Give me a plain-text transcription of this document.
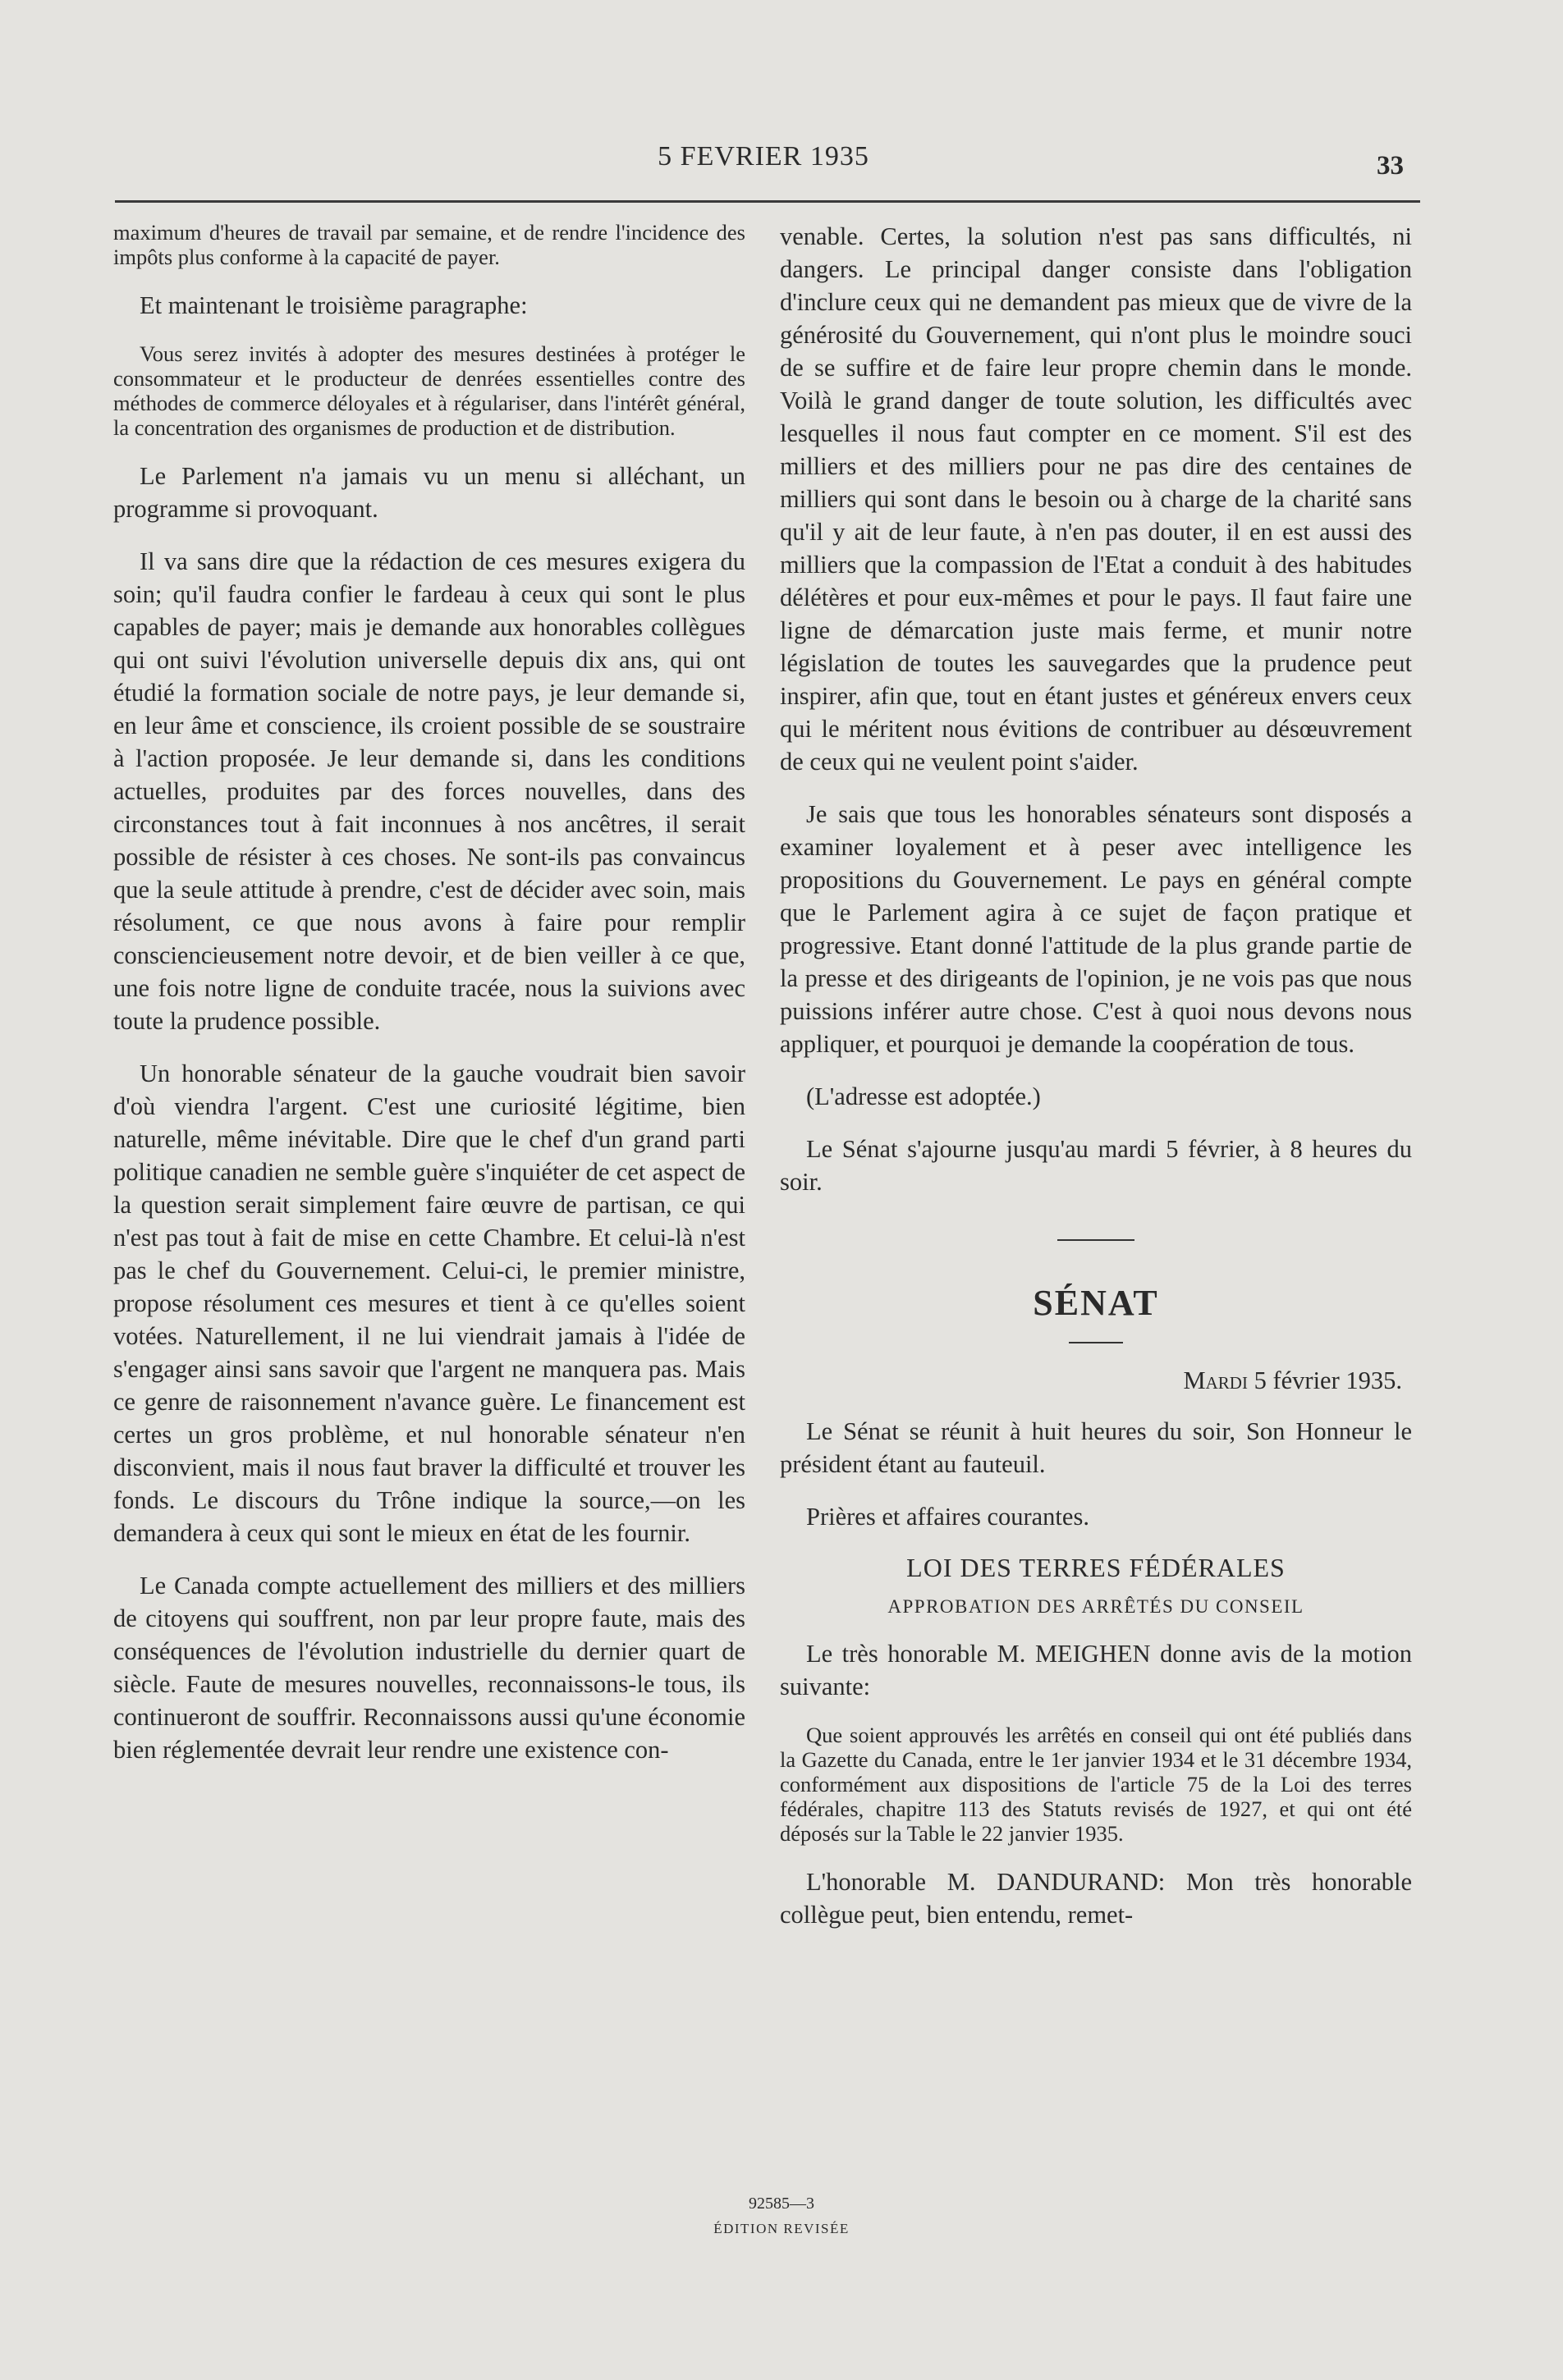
5 FEVRIER 1935	33

maximum d'heures de travail par semaine, et de rendre l'incidence des impôts plus conforme à la capacité de payer.

Et maintenant le troisième paragraphe:

Vous serez invités à adopter des mesures destinées à protéger le consommateur et le producteur de denrées essentielles contre des méthodes de commerce déloyales et à régulariser, dans l'intérêt général, la concentration des organismes de production et de distribution.

Le Parlement n'a jamais vu un menu si alléchant, un programme si provoquant.

Il va sans dire que la rédaction de ces mesures exigera du soin; qu'il faudra confier le fardeau à ceux qui sont le plus capables de payer; mais je demande aux honorables collègues qui ont suivi l'évolution universelle depuis dix ans, qui ont étudié la formation sociale de notre pays, je leur demande si, en leur âme et conscience, ils croient possible de se soustraire à l'action proposée. Je leur demande si, dans les conditions actuelles, produites par des forces nouvelles, dans des circonstances tout à fait inconnues à nos ancêtres, il serait possible de résister à ces choses. Ne sont-ils pas convaincus que la seule attitude à prendre, c'est de décider avec soin, mais résolument, ce que nous avons à faire pour remplir consciencieusement notre devoir, et de bien veiller à ce que, une fois notre ligne de conduite tracée, nous la suivions avec toute la prudence possible.

Un honorable sénateur de la gauche voudrait bien savoir d'où viendra l'argent. C'est une curiosité légitime, bien naturelle, même inévitable. Dire que le chef d'un grand parti politique canadien ne semble guère s'inquiéter de cet aspect de la question serait simplement faire œuvre de partisan, ce qui n'est pas tout à fait de mise en cette Chambre. Et celui-là n'est pas le chef du Gouvernement. Celui-ci, le premier ministre, propose résolument ces mesures et tient à ce qu'elles soient votées. Naturellement, il ne lui viendrait jamais à l'idée de s'engager ainsi sans savoir que l'argent ne manquera pas. Mais ce genre de raisonnement n'avance guère. Le financement est certes un gros problème, et nul honorable sénateur n'en disconvient, mais il nous faut braver la difficulté et trouver les fonds. Le discours du Trône indique la source,—on les demandera à ceux qui sont le mieux en état de les fournir.

Le Canada compte actuellement des milliers et des milliers de citoyens qui souffrent, non par leur propre faute, mais des conséquences de l'évolution industrielle du dernier quart de siècle. Faute de mesures nouvelles, reconnaissons-le tous, ils continueront de souffrir. Reconnaissons aussi qu'une économie bien réglementée devrait leur rendre une existence con-

venable. Certes, la solution n'est pas sans difficultés, ni dangers. Le principal danger consiste dans l'obligation d'inclure ceux qui ne demandent pas mieux que de vivre de la générosité du Gouvernement, qui n'ont plus le moindre souci de se suffire et de faire leur propre chemin dans le monde. Voilà le grand danger de toute solution, les difficultés avec lesquelles il nous faut compter en ce moment. S'il est des milliers et des milliers pour ne pas dire des centaines de milliers qui sont dans le besoin ou à charge de la charité sans qu'il y ait de leur faute, à n'en pas douter, il en est aussi des milliers que la compassion de l'Etat a conduit à des habitudes délétères et pour eux-mêmes et pour le pays. Il faut faire une ligne de démarcation juste mais ferme, et munir notre législation de toutes les sauvegardes que la prudence peut inspirer, afin que, tout en étant justes et généreux envers ceux qui le méritent nous évitions de contribuer au désœuvrement de ceux qui ne veulent point s'aider.

Je sais que tous les honorables sénateurs sont disposés a examiner loyalement et à peser avec intelligence les propositions du Gouvernement. Le pays en général compte que le Parlement agira à ce sujet de façon pratique et progressive. Etant donné l'attitude de la plus grande partie de la presse et des dirigeants de l'opinion, je ne vois pas que nous puissions inférer autre chose. C'est à quoi nous devons nous appliquer, et pourquoi je demande la coopération de tous.

(L'adresse est adoptée.)

Le Sénat s'ajourne jusqu'au mardi 5 février, à 8 heures du soir.

SÉNAT
Mardi 5 février 1935.

Le Sénat se réunit à huit heures du soir, Son Honneur le président étant au fauteuil.

Prières et affaires courantes.

LOI DES TERRES FÉDÉRALES
APPROBATION DES ARRÊTÉS DU CONSEIL

Le très honorable M. MEIGHEN donne avis de la motion suivante:

Que soient approuvés les arrêtés en conseil qui ont été publiés dans la Gazette du Canada, entre le 1er janvier 1934 et le 31 décembre 1934, conformément aux dispositions de l'article 75 de la Loi des terres fédérales, chapitre 113 des Statuts revisés de 1927, et qui ont été déposés sur la Table le 22 janvier 1935.

L'honorable M. DANDURAND: Mon très honorable collègue peut, bien entendu, remet-

92585—3
ÉDITION REVISÉE
